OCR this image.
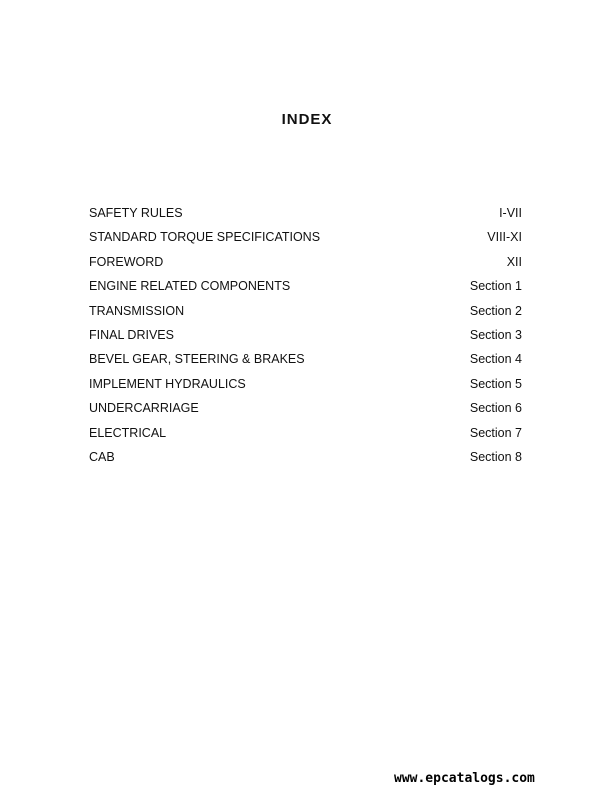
INDEX
SAFETY RULES	I-VII
STANDARD TORQUE SPECIFICATIONS	VIII-XI
FOREWORD	XII
ENGINE RELATED COMPONENTS	Section 1
TRANSMISSION	Section 2
FINAL DRIVES	Section 3
BEVEL GEAR, STEERING & BRAKES	Section 4
IMPLEMENT HYDRAULICS	Section 5
UNDERCARRIAGE	Section 6
ELECTRICAL	Section 7
CAB	Section 8
www.epcatalogs.com
